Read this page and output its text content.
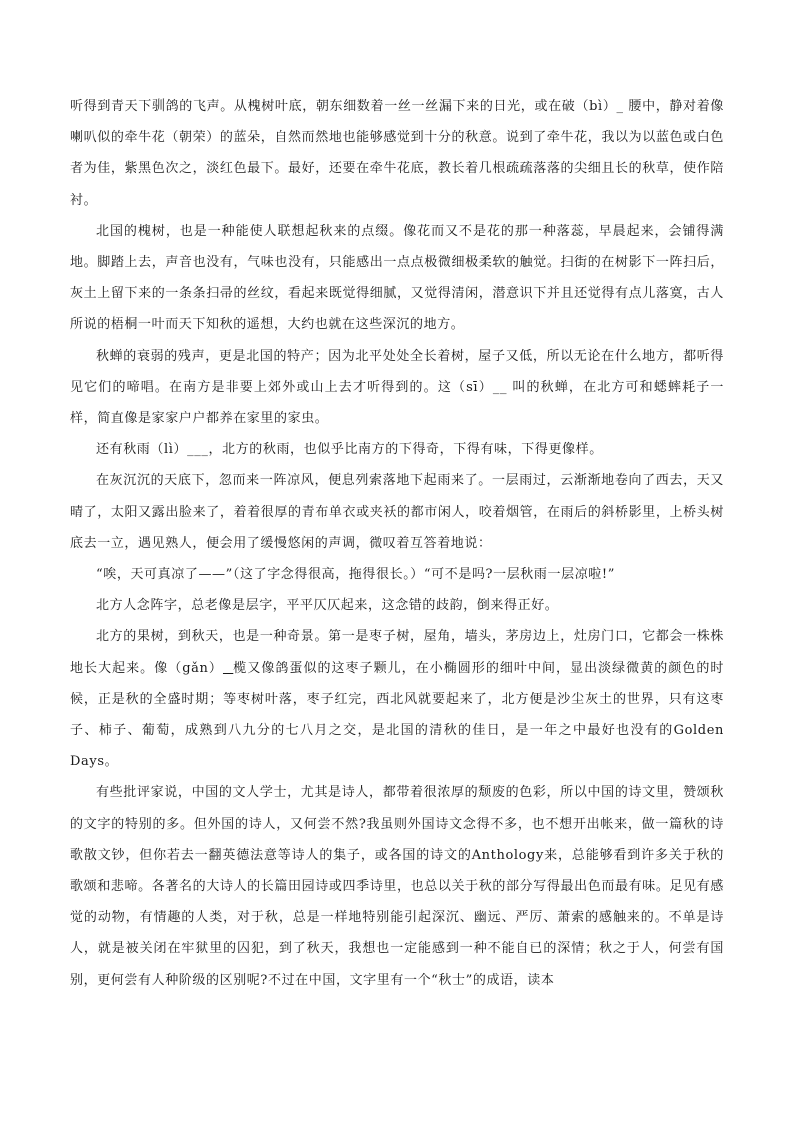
听得到青天下驯鸽的飞声。从槐树叶底，朝东细数着一丝一丝漏下来的日光，或在破（bì）_ 腰中，静对着像喇叭似的牵牛花（朝荣）的蓝朵，自然而然地也能够感觉到十分的秋意。说到了牵牛花，我以为以蓝色或白色者为佳，紫黑色次之，淡红色最下。最好，还要在牵牛花底，教长着几根疏疏落落的尖细且长的秋草，使作陪衬。

北国的槐树，也是一种能使人联想起秋来的点缀。像花而又不是花的那一种落蕊，早晨起来，会铺得满地。脚踏上去，声音也没有，气味也没有，只能感出一点点极微细极柔软的触觉。扫街的在树影下一阵扫后，灰土上留下来的一条条扫帚的丝纹，看起来既觉得细腻，又觉得清闲，潜意识下并且还觉得有点儿落寞，古人所说的梧桐一叶而天下知秋的遥想，大约也就在这些深沉的地方。

秋蝉的衰弱的残声，更是北国的特产；因为北平处处全长着树，屋子又低，所以无论在什么地方，都听得见它们的啼唱。在南方是非要上郊外或山上去才听得到的。这（sī）__ 叫的秋蝉，在北方可和蟋蟀耗子一样，简直像是家家户户都养在家里的家虫。

还有秋雨（lì）___，北方的秋雨，也似乎比南方的下得奇，下得有味，下得更像样。

在灰沉沉的天底下，忽而来一阵凉风，便息列索落地下起雨来了。一层雨过，云渐渐地卷向了西去，天又晴了，太阳又露出脸来了，着着很厚的青布单衣或夹袄的都市闲人，咬着烟管，在雨后的斜桥影里，上桥头树底去一立，遇见熟人，便会用了缓慢悠闲的声调，微叹着互答着地说：

“唉，天可真凉了——”（这了字念得很高，拖得很长。）“可不是吗?一层秋雨一层凉啦!”

北方人念阵字，总老像是层字，平平仄仄起来，这念错的歧韵，倒来得正好。

北方的果树，到秋天，也是一种奇景。第一是枣子树，屋角，墙头，茅房边上，灶房门口，它都会一株株地长大起来。像（gǎn） 榄又像鸽蛋似的这枣子颗儿，在小椭圆形的细叶中间，显出淡绿微黄的颜色的时候，正是秋的全盛时期；等枣树叶落，枣子红完，西北风就要起来了，北方便是沙尘灰土的世界，只有这枣子、柿子、葡萄，成熟到八九分的七八月之交，是北国的清秋的佳日，是一年之中最好也没有的Golden Days。

有些批评家说，中国的文人学士，尤其是诗人，都带着很浓厚的颓废的色彩，所以中国的诗文里，赞颂秋的文字的特别的多。但外国的诗人，又何尝不然?我虽则外国诗文念得不多，也不想开出帐来，做一篇秋的诗歌散文钞，但你若去一翻英德法意等诗人的集子，或各国的诗文的Anthology来，总能够看到许多关于秋的歌颂和悲啼。各著名的大诗人的长篇田园诗或四季诗里，也总以关于秋的部分写得最出色而最有味。足见有感觉的动物，有情趣的人类，对于秋，总是一样地特别能引起深沉、幽远、严厉、萧索的感触来的。不单是诗人，就是被关闭在牢狱里的囚犯，到了秋天，我想也一定能感到一种不能自已的深情；秋之于人，何尝有国别，更何尝有人种阶级的区别呢?不过在中国，文字里有一个“秋士”的成语，读本
